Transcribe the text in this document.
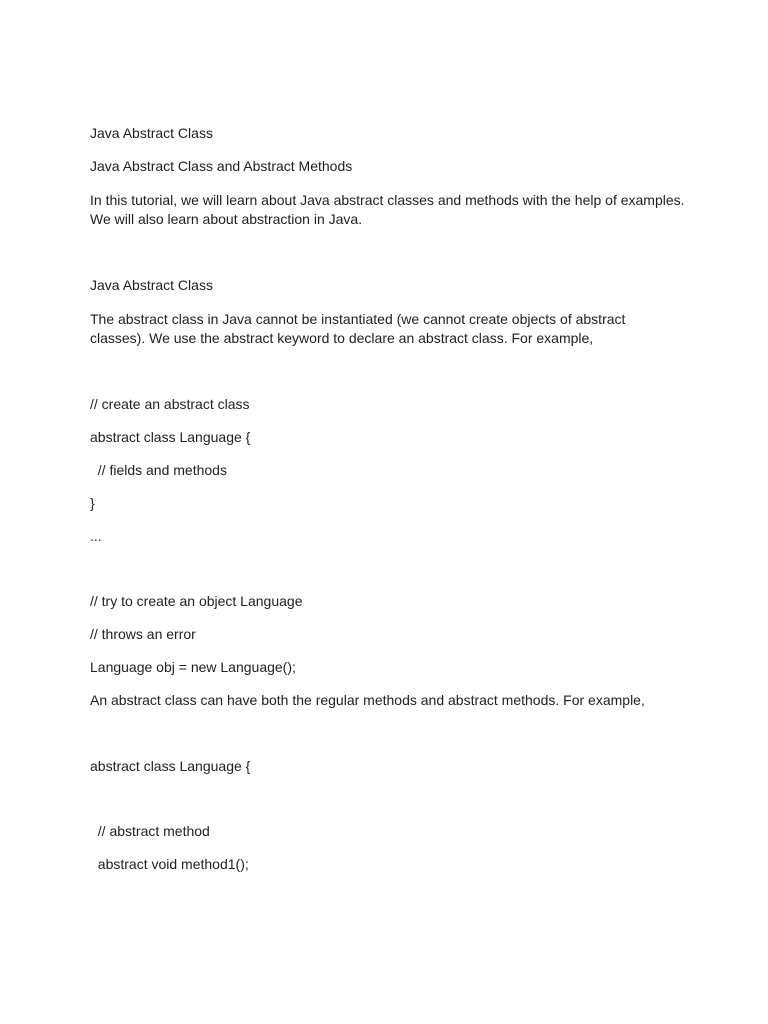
Java Abstract Class

Java Abstract Class and Abstract Methods

In this tutorial, we will learn about Java abstract classes and methods with the help of examples.

We will also learn about abstraction in Java.

Java Abstract Class

The abstract class in Java cannot be instantiated (we cannot create objects of abstract

classes). We use the abstract keyword to declare an abstract class. For example,

// create an abstract class

abstract class Language {

// fields and methods

}

...

// try to create an object Language

// throws an error

Language obj = new Language();

An abstract class can have both the regular methods and abstract methods. For example,

abstract class Language {

// abstract method

abstract void method1();
